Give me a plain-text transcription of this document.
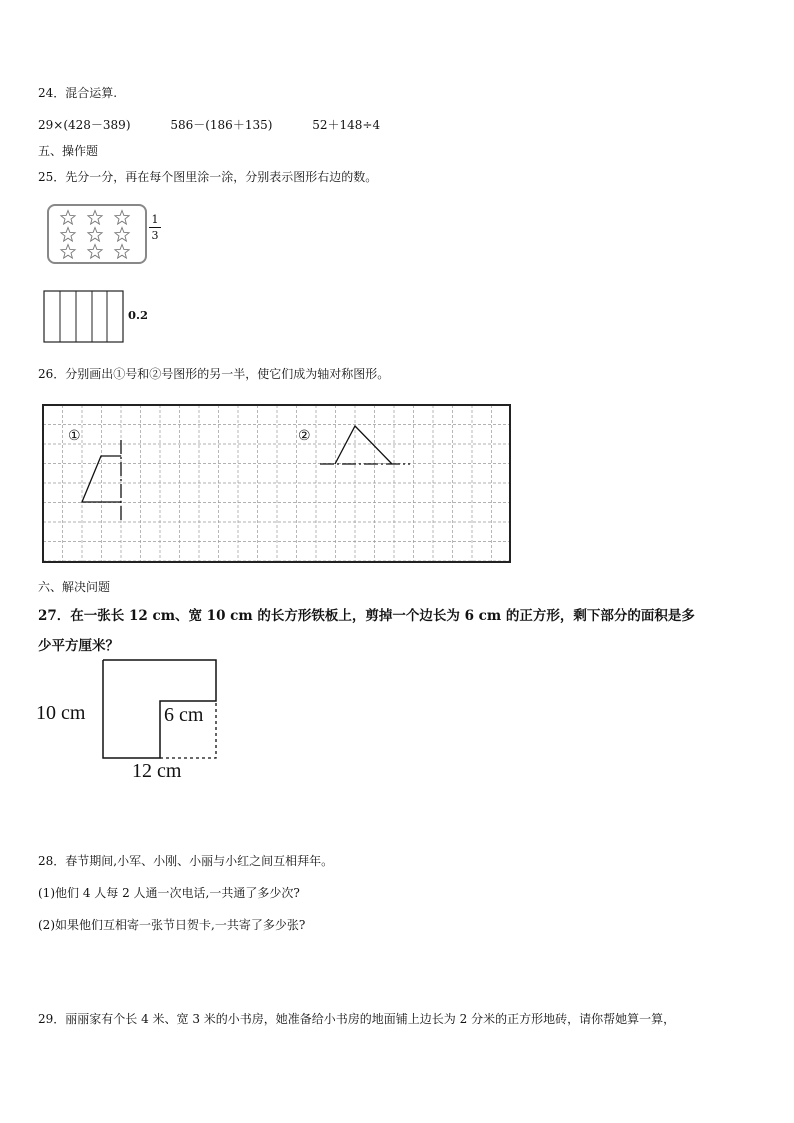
24．混合运算.
29×(428－389)	586－(186＋135)	52＋148÷4
五、操作题
25．先分一分，再在每个图里涂一涂，分别表示图形右边的数。
$\frac{1}{3}$
0.2
26．分别画出①号和②号图形的另一半，使它们成为轴对称图形。
①	②
六、解决问题
27．在一张长 12 cm、宽 10 cm 的长方形铁板上，剪掉一个边长为 6 cm 的正方形，剩下部分的面积是多
少平方厘米？
10 cm	6 cm
12 cm
28．春节期间,小军、小刚、小丽与小红之间互相拜年。
(1)他们 4 人每 2 人通一次电话,一共通了多少次?
(2)如果他们互相寄一张节日贺卡,一共寄了多少张?
29．丽丽家有个长 4 米、宽 3 米的小书房，她准备给小书房的地面铺上边长为 2 分米的正方形地砖，请你帮她算一算，
